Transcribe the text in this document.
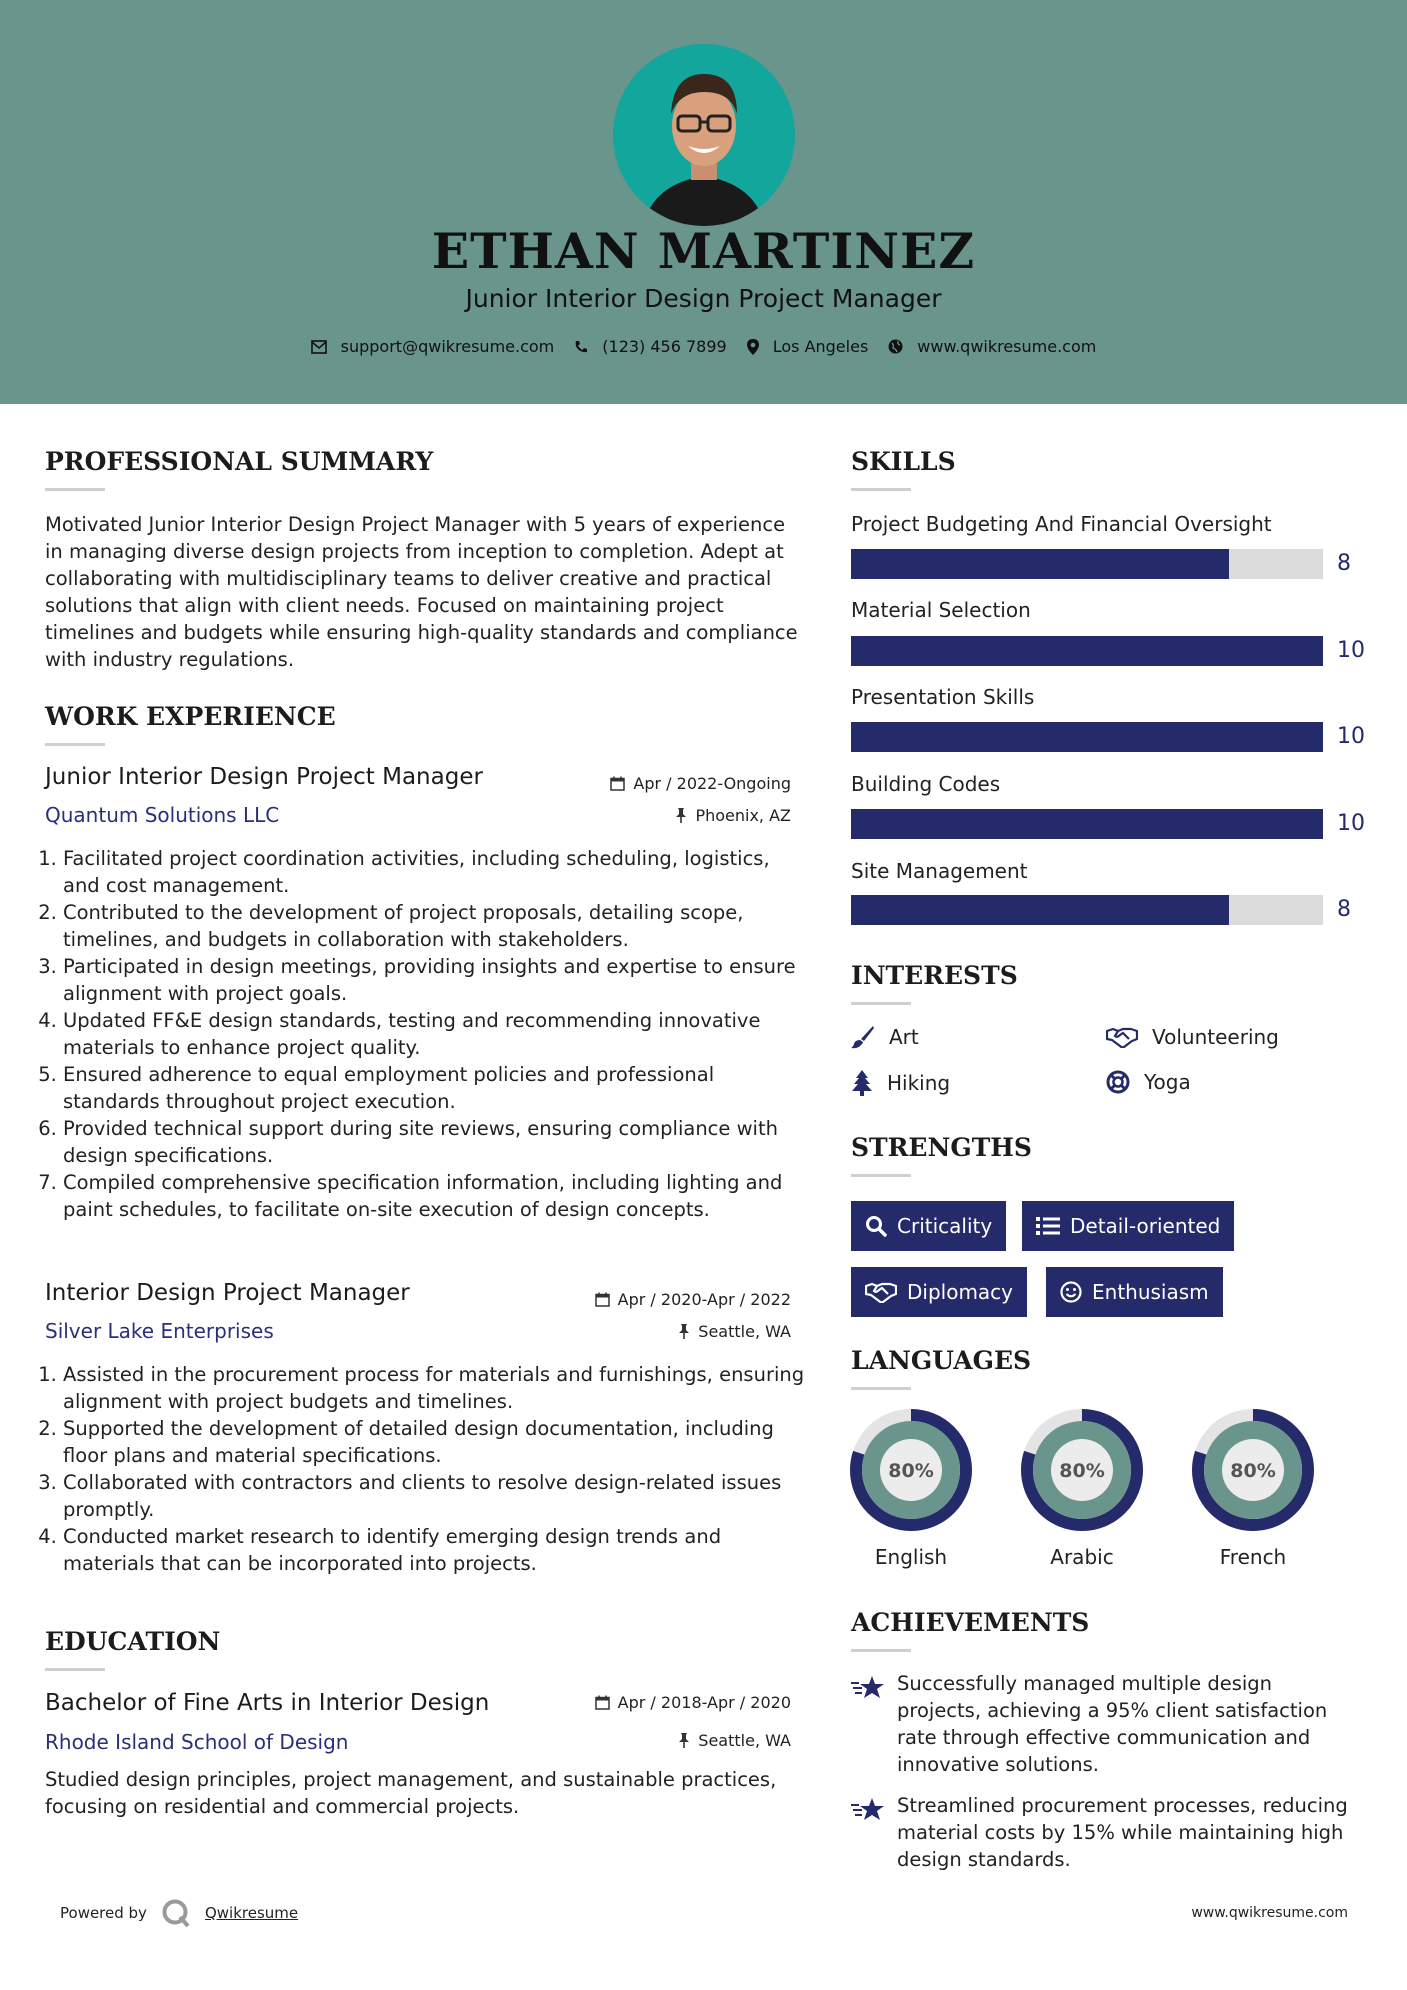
ETHAN MARTINEZ
Junior Interior Design Project Manager
support@qwikresume.com	(123) 456 7899	Los Angeles	www.qwikresume.com
PROFESSIONAL SUMMARY
Motivated Junior Interior Design Project Manager with 5 years of experience in managing diverse design projects from inception to completion. Adept at collaborating with multidisciplinary teams to deliver creative and practical solutions that align with client needs. Focused on maintaining project timelines and budgets while ensuring high-quality standards and compliance with industry regulations.
WORK EXPERIENCE
Junior Interior Design Project Manager
Quantum Solutions LLC
Apr / 2022-Ongoing
Phoenix, AZ
1. Facilitated project coordination activities, including scheduling, logistics, and cost management.
2. Contributed to the development of project proposals, detailing scope, timelines, and budgets in collaboration with stakeholders.
3. Participated in design meetings, providing insights and expertise to ensure alignment with project goals.
4. Updated FF&E design standards, testing and recommending innovative materials to enhance project quality.
5. Ensured adherence to equal employment policies and professional standards throughout project execution.
6. Provided technical support during site reviews, ensuring compliance with design specifications.
7. Compiled comprehensive specification information, including lighting and paint schedules, to facilitate on-site execution of design concepts.
Interior Design Project Manager
Silver Lake Enterprises
Apr / 2020-Apr / 2022
Seattle, WA
1. Assisted in the procurement process for materials and furnishings, ensuring alignment with project budgets and timelines.
2. Supported the development of detailed design documentation, including floor plans and material specifications.
3. Collaborated with contractors and clients to resolve design-related issues promptly.
4. Conducted market research to identify emerging design trends and materials that can be incorporated into projects.
EDUCATION
Bachelor of Fine Arts in Interior Design
Rhode Island School of Design
Apr / 2018-Apr / 2020
Seattle, WA
Studied design principles, project management, and sustainable practices, focusing on residential and commercial projects.
SKILLS
Project Budgeting And Financial Oversight
8
Material Selection
10
Presentation Skills
10
Building Codes
10
Site Management
8
INTERESTS
Art	Volunteering
Hiking	Yoga
STRENGTHS
Criticality	Detail-oriented
Diplomacy	Enthusiasm
LANGUAGES
80%
English
80%
Arabic
80%
French
ACHIEVEMENTS
Successfully managed multiple design projects, achieving a 95% client satisfaction rate through effective communication and innovative solutions.
Streamlined procurement processes, reducing material costs by 15% while maintaining high design standards.
Powered by	Qwikresume	www.qwikresume.com
